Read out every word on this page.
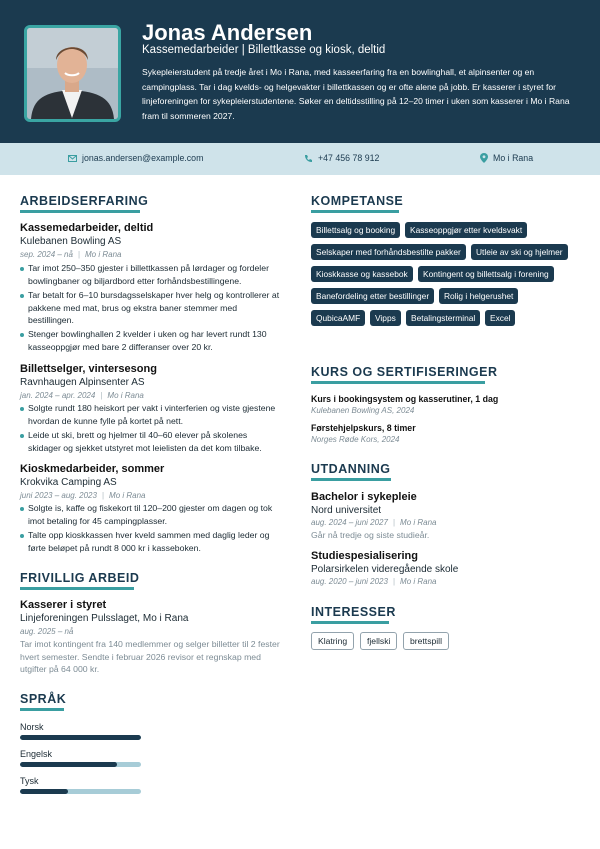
Jonas Andersen
Kassemedarbeider | Billettkasse og kiosk, deltid
Sykepleierstudent på tredje året i Mo i Rana, med kasseerfaring fra en bowlinghall, et alpinsenter og en campingplass. Tar i dag kvelds- og helgevakter i billettkassen og er ofte alene på jobb. Er kasserer i styret for linjeforeningen for sykepleierstudentene. Søker en deltidsstilling på 12–20 timer i uken som kasserer i Mo i Rana fram til sommeren 2027.
jonas.andersen@example.com	+47 456 78 912	Mo i Rana
ARBEIDSERFARING
Kassemedarbeider, deltid
Kulebanen Bowling AS
sep. 2024 – nå | Mo i Rana
Tar imot 250–350 gjester i billettkassen på lørdager og fordeler bowlingbaner og biljardbord etter forhåndsbestillingene.
Tar betalt for 6–10 bursdagsselskaper hver helg og kontrollerer at pakkene med mat, brus og ekstra baner stemmer med bestillingen.
Stenger bowlinghallen 2 kvelder i uken og har levert rundt 130 kasseoppgjør med bare 2 differanser over 20 kr.
Billettselger, vintersesong
Ravnhaugen Alpinsenter AS
jan. 2024 – apr. 2024 | Mo i Rana
Solgte rundt 180 heiskort per vakt i vinterferien og viste gjestene hvordan de kunne fylle på kortet på nett.
Leide ut ski, brett og hjelmer til 40–60 elever på skolenes skidager og sjekket utstyret mot leielisten da det kom tilbake.
Kioskmedarbeider, sommer
Krokvika Camping AS
juni 2023 – aug. 2023 | Mo i Rana
Solgte is, kaffe og fiskekort til 120–200 gjester om dagen og tok imot betaling for 45 campingplasser.
Talte opp kioskkassen hver kveld sammen med daglig leder og førte beløpet på rundt 8 000 kr i kasseboken.
FRIVILLIG ARBEID
Kasserer i styret
Linjeforeningen Pulsslaget, Mo i Rana
aug. 2025 – nå
Tar imot kontingent fra 140 medlemmer og selger billetter til 2 fester hvert semester. Sendte i februar 2026 revisor et regnskap med utgifter på 64 000 kr.
SPRÅK
Norsk
Engelsk
Tysk
KOMPETANSE
Billettsalg og booking	Kasseoppgjør etter kveldsvakt
Selskaper med forhåndsbestilte pakker	Utleie av ski og hjelmer
Kioskkasse og kassebok	Kontingent og billettsalg i forening
Banefordeling etter bestillinger	Rolig i helgerushet
QubicaAMF	Vipps	Betalingsterminal	Excel
KURS OG SERTIFISERINGER
Kurs i bookingsystem og kasserutiner, 1 dag
Kulebanen Bowling AS, 2024
Førstehjelpskurs, 8 timer
Norges Røde Kors, 2024
UTDANNING
Bachelor i sykepleie
Nord universitet
aug. 2024 – juni 2027 | Mo i Rana
Går nå tredje og siste studieår.
Studiespesialisering
Polarsirkelen videregående skole
aug. 2020 – juni 2023 | Mo i Rana
INTERESSER
Klatring	fjellski	brettspill
